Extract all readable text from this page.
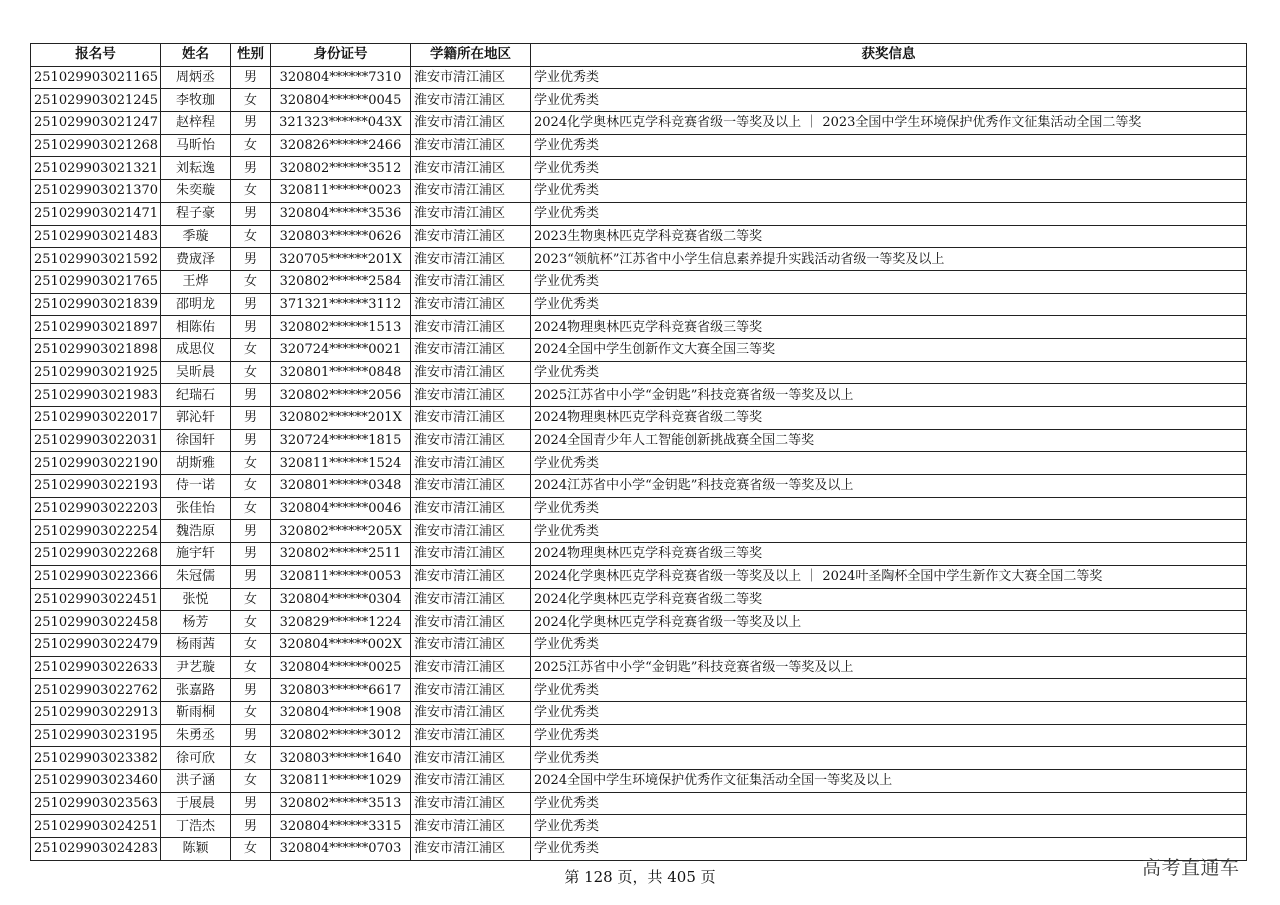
报名号	姓名	性别	身份证号	学籍所在地区	获奖信息
251029903021165	周炳丞	男	320804******7310	淮安市清江浦区	学业优秀类
251029903021245	李牧珈	女	320804******0045	淮安市清江浦区	学业优秀类
251029903021247	赵梓程	男	321323******043X	淮安市清江浦区	2024化学奥林匹克学科竞赛省级一等奖及以上 ｜ 2023全国中学生环境保护优秀作文征集活动全国二等奖
251029903021268	马昕怡	女	320826******2466	淮安市清江浦区	学业优秀类
251029903021321	刘耘逸	男	320802******3512	淮安市清江浦区	学业优秀类
251029903021370	朱奕璇	女	320811******0023	淮安市清江浦区	学业优秀类
251029903021471	程子豪	男	320804******3536	淮安市清江浦区	学业优秀类
251029903021483	季璇	女	320803******0626	淮安市清江浦区	2023生物奥林匹克学科竞赛省级二等奖
251029903021592	费宬泽	男	320705******201X	淮安市清江浦区	2023“领航杯”江苏省中小学生信息素养提升实践活动省级一等奖及以上
251029903021765	王烨	女	320802******2584	淮安市清江浦区	学业优秀类
251029903021839	邵明龙	男	371321******3112	淮安市清江浦区	学业优秀类
251029903021897	相陈佑	男	320802******1513	淮安市清江浦区	2024物理奥林匹克学科竞赛省级三等奖
251029903021898	成思仪	女	320724******0021	淮安市清江浦区	2024全国中学生创新作文大赛全国三等奖
251029903021925	吴昕晨	女	320801******0848	淮安市清江浦区	学业优秀类
251029903021983	纪瑞石	男	320802******2056	淮安市清江浦区	2025江苏省中小学“金钥匙”科技竞赛省级一等奖及以上
251029903022017	郭沁轩	男	320802******201X	淮安市清江浦区	2024物理奥林匹克学科竞赛省级二等奖
251029903022031	徐国轩	男	320724******1815	淮安市清江浦区	2024全国青少年人工智能创新挑战赛全国二等奖
251029903022190	胡斯雅	女	320811******1524	淮安市清江浦区	学业优秀类
251029903022193	侍一诺	女	320801******0348	淮安市清江浦区	2024江苏省中小学“金钥匙”科技竞赛省级一等奖及以上
251029903022203	张佳怡	女	320804******0046	淮安市清江浦区	学业优秀类
251029903022254	魏浩原	男	320802******205X	淮安市清江浦区	学业优秀类
251029903022268	施宇轩	男	320802******2511	淮安市清江浦区	2024物理奥林匹克学科竞赛省级三等奖
251029903022366	朱冠儒	男	320811******0053	淮安市清江浦区	2024化学奥林匹克学科竞赛省级一等奖及以上 ｜ 2024叶圣陶杯全国中学生新作文大赛全国二等奖
251029903022451	张悦	女	320804******0304	淮安市清江浦区	2024化学奥林匹克学科竞赛省级二等奖
251029903022458	杨芳	女	320829******1224	淮安市清江浦区	2024化学奥林匹克学科竞赛省级一等奖及以上
251029903022479	杨雨茜	女	320804******002X	淮安市清江浦区	学业优秀类
251029903022633	尹艺璇	女	320804******0025	淮安市清江浦区	2025江苏省中小学“金钥匙”科技竞赛省级一等奖及以上
251029903022762	张嘉路	男	320803******6617	淮安市清江浦区	学业优秀类
251029903022913	靳雨桐	女	320804******1908	淮安市清江浦区	学业优秀类
251029903023195	朱勇丞	男	320802******3012	淮安市清江浦区	学业优秀类
251029903023382	徐可欣	女	320803******1640	淮安市清江浦区	学业优秀类
251029903023460	洪子涵	女	320811******1029	淮安市清江浦区	2024全国中学生环境保护优秀作文征集活动全国一等奖及以上
251029903023563	于展晨	男	320802******3513	淮安市清江浦区	学业优秀类
251029903024251	丁浩杰	男	320804******3315	淮安市清江浦区	学业优秀类
251029903024283	陈颖	女	320804******0703	淮安市清江浦区	学业优秀类
第 128 页，共 405 页	高考直通车
